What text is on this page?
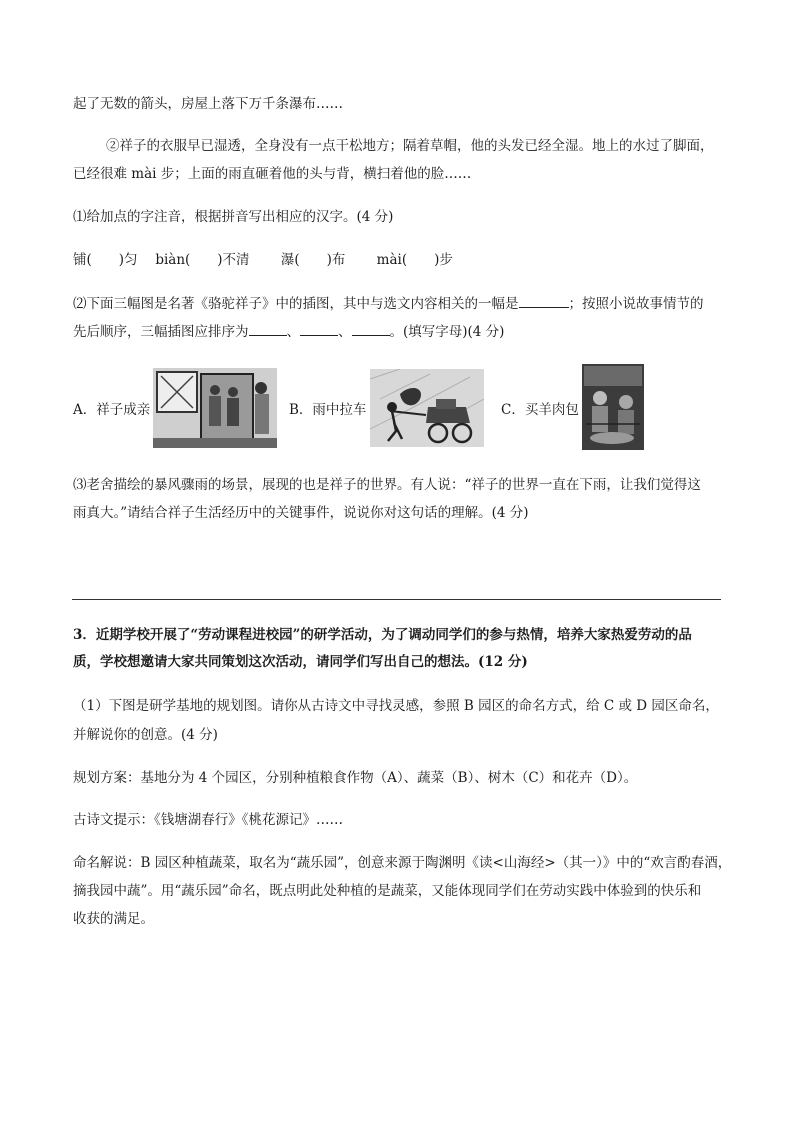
起了无数的箭头，房屋上落下万千条瀑布……
②祥子的衣服早已湿透，全身没有一点干松地方；隔着草帽，他的头发已经全湿。地上的水过了脚面，
已经很难 mài 步；上面的雨直砸着他的头与背，横扫着他的脸……
⑴给加点的字注音，根据拼音写出相应的汉字。(4 分)
铺(　　)匀　 biàn(　　)不清　　 瀑(　　)布　　 mài(　　)步
⑵下面三幅图是名著《骆驼祥子》中的插图，其中与选文内容相关的一幅是	；按照小说故事情节的
先后顺序，三幅插图应排序为	、	、	。(填写字母)(4 分)
A．祥子成亲	B．雨中拉车	C．买羊肉包
⑶老舍描绘的暴风骤雨的场景，展现的也是祥子的世界。有人说：“祥子的世界一直在下雨，让我们觉得这
雨真大。”请结合祥子生活经历中的关键事件，说说你对这句话的理解。(4 分)
3．近期学校开展了“劳动课程进校园”的研学活动，为了调动同学们的参与热情，培养大家热爱劳动的品
质，学校想邀请大家共同策划这次活动，请同学们写出自己的想法。(12 分)
（1）下图是研学基地的规划图。请你从古诗文中寻找灵感，参照 B 园区的命名方式，给 C 或 D 园区命名，
并解说你的创意。(4 分)
规划方案：基地分为 4 个园区，分别种植粮食作物（A）、蔬菜（B）、树木（C）和花卉（D）。
古诗文提示：《钱塘湖春行》《桃花源记》……
命名解说：B 园区种植蔬菜，取名为“蔬乐园”，创意来源于陶渊明《读<山海经>（其一）》中的“欢言酌春酒，
摘我园中蔬”。用“蔬乐园”命名，既点明此处种植的是蔬菜，又能体现同学们在劳动实践中体验到的快乐和
收获的满足。
